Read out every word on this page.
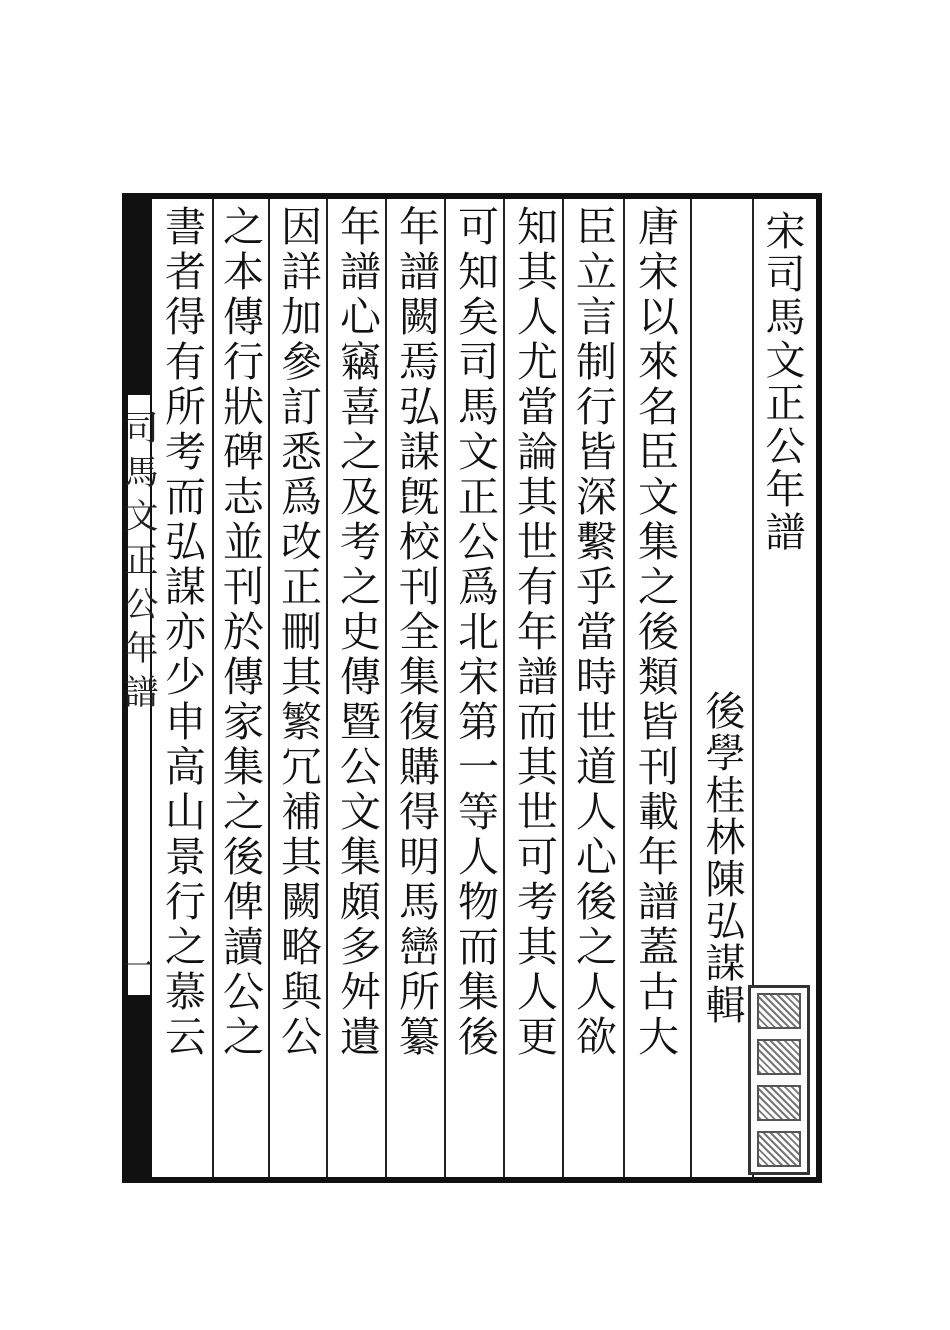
司馬文正公年譜
一
宋司馬文正公年譜
後學桂林陳弘謀輯
唐宋以來名臣文集之後類皆刊載年譜蓋古大
臣立言制行皆深繫乎當時世道人心後之人欲
知其人尤當論其世有年譜而其世可考其人更
可知矣司馬文正公爲北宋第一等人物而集後
年譜闕焉弘謀旣校刊全集復購得明馬巒所纂
年譜心竊喜之及考之史傳暨公文集頗多舛遺
因詳加參訂悉爲改正刪其繁冗補其闕略與公
之本傳行狀碑志並刊於傳家集之後俾讀公之
書者得有所考而弘謀亦少申高山景行之慕云
